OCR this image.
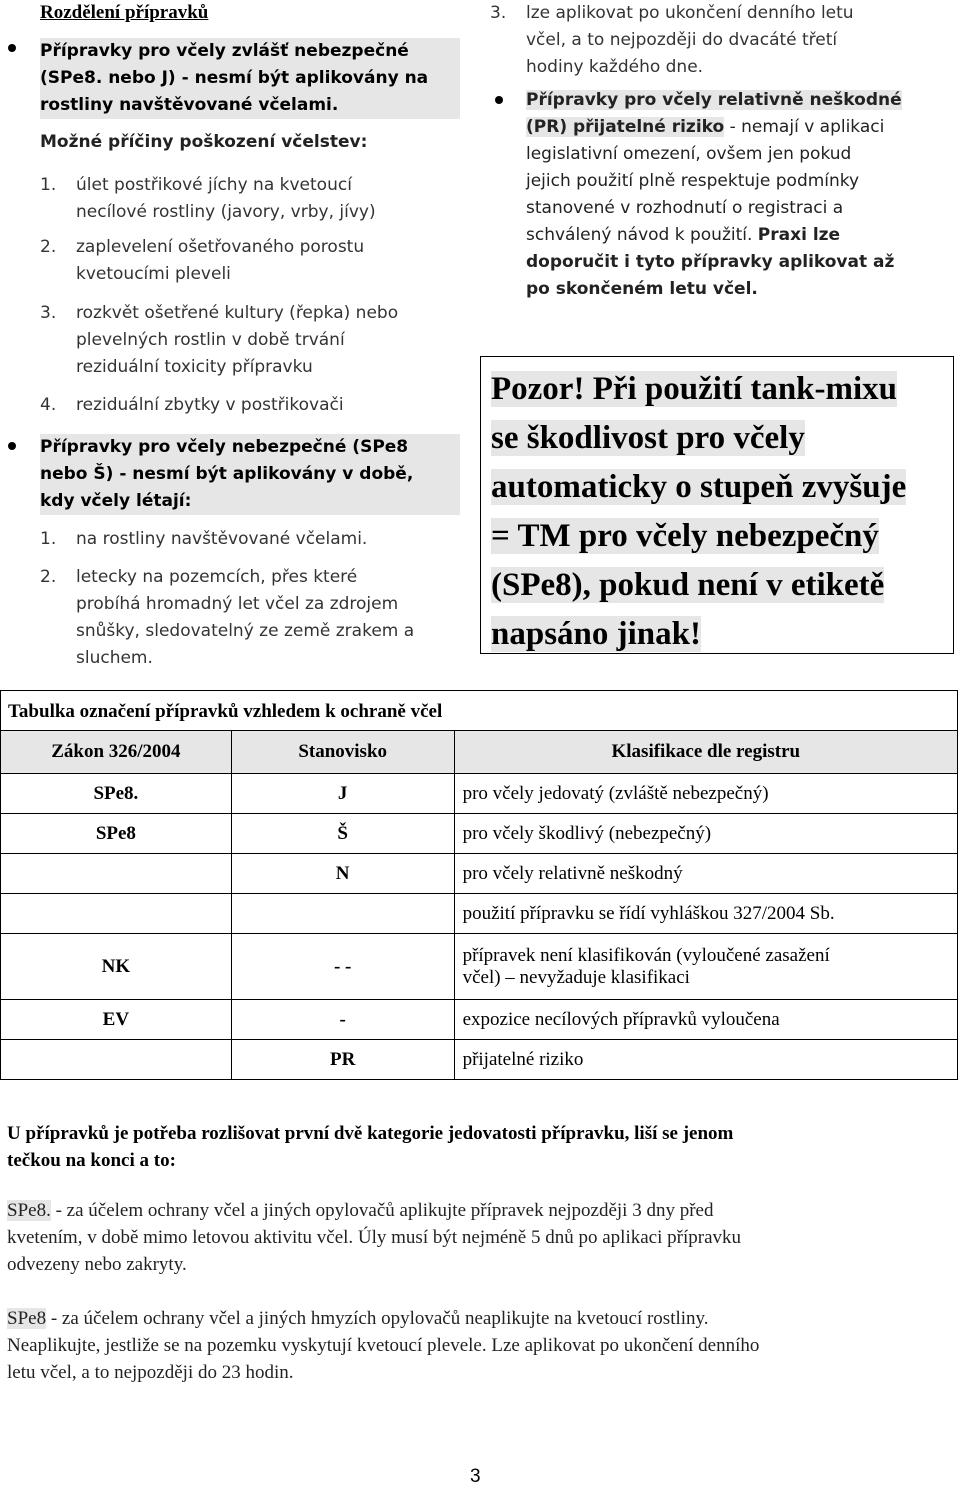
Rozdělení přípravků
Přípravky pro včely zvlášť nebezpečné
(SPe8. nebo J) - nesmí být aplikovány na
rostliny navštěvované včelami.
Možné příčiny poškození včelstev:
1. úlet postřikové jíchy na kvetoucí
necílové rostliny (javory, vrby, jívy)
2. zaplevelení ošetřovaného porostu
kvetoucími pleveli
3. rozkvět ošetřené kultury (řepka) nebo
plevelných rostlin v době trvání
reziduální toxicity přípravku
4. reziduální zbytky v postřikovači
Přípravky pro včely nebezpečné (SPe8
nebo Š) - nesmí být aplikovány v době,
kdy včely létají:
1. na rostliny navštěvované včelami.
2. letecky na pozemcích, přes které
probíhá hromadný let včel za zdrojem
snůšky, sledovatelný ze země zrakem a
sluchem.
3. lze aplikovat po ukončení denního letu
včel, a to nejpozději do dvacáté třetí
hodiny každého dne.
Přípravky pro včely relativně neškodné
(PR) přijatelné riziko - nemají v aplikaci
legislativní omezení, ovšem jen pokud
jejich použití plně respektuje podmínky
stanovené v rozhodnutí o registraci a
schválený návod k použití. Praxi lze
doporučit i tyto přípravky aplikovat až
po skončeném letu včel.
Pozor! Při použití tank-mixu
se škodlivost pro včely
automaticky o stupeň zvyšuje
= TM pro včely nebezpečný
(SPe8), pokud není v etiketě
napsáno jinak!
Tabulka označení přípravků vzhledem k ochraně včel
Zákon 326/2004	Stanovisko	Klasifikace dle registru
SPe8.	J	pro včely jedovatý (zvláště nebezpečný)
SPe8	Š	pro včely škodlivý (nebezpečný)
	N	pro včely relativně neškodný
		použití přípravku se řídí vyhláškou 327/2004 Sb.
NK	- -	přípravek není klasifikován (vyloučené zasažení
včel) – nevyžaduje klasifikaci

EV	-	expozice necílových přípravků vyloučena
	PR	přijatelné riziko
U přípravků je potřeba rozlišovat první dvě kategorie jedovatosti přípravku, liší se jenom
tečkou na konci a to:
SPe8. - za účelem ochrany včel a jiných opylovačů aplikujte přípravek nejpozději 3 dny před
kvetením, v době mimo letovou aktivitu včel. Úly musí být nejméně 5 dnů po aplikaci přípravku
odvezeny nebo zakryty.
SPe8 - za účelem ochrany včel a jiných hmyzích opylovačů neaplikujte na kvetoucí rostliny.
Neaplikujte, jestliže se na pozemku vyskytují kvetoucí plevele. Lze aplikovat po ukončení denního
letu včel, a to nejpozději do 23 hodin.
3
